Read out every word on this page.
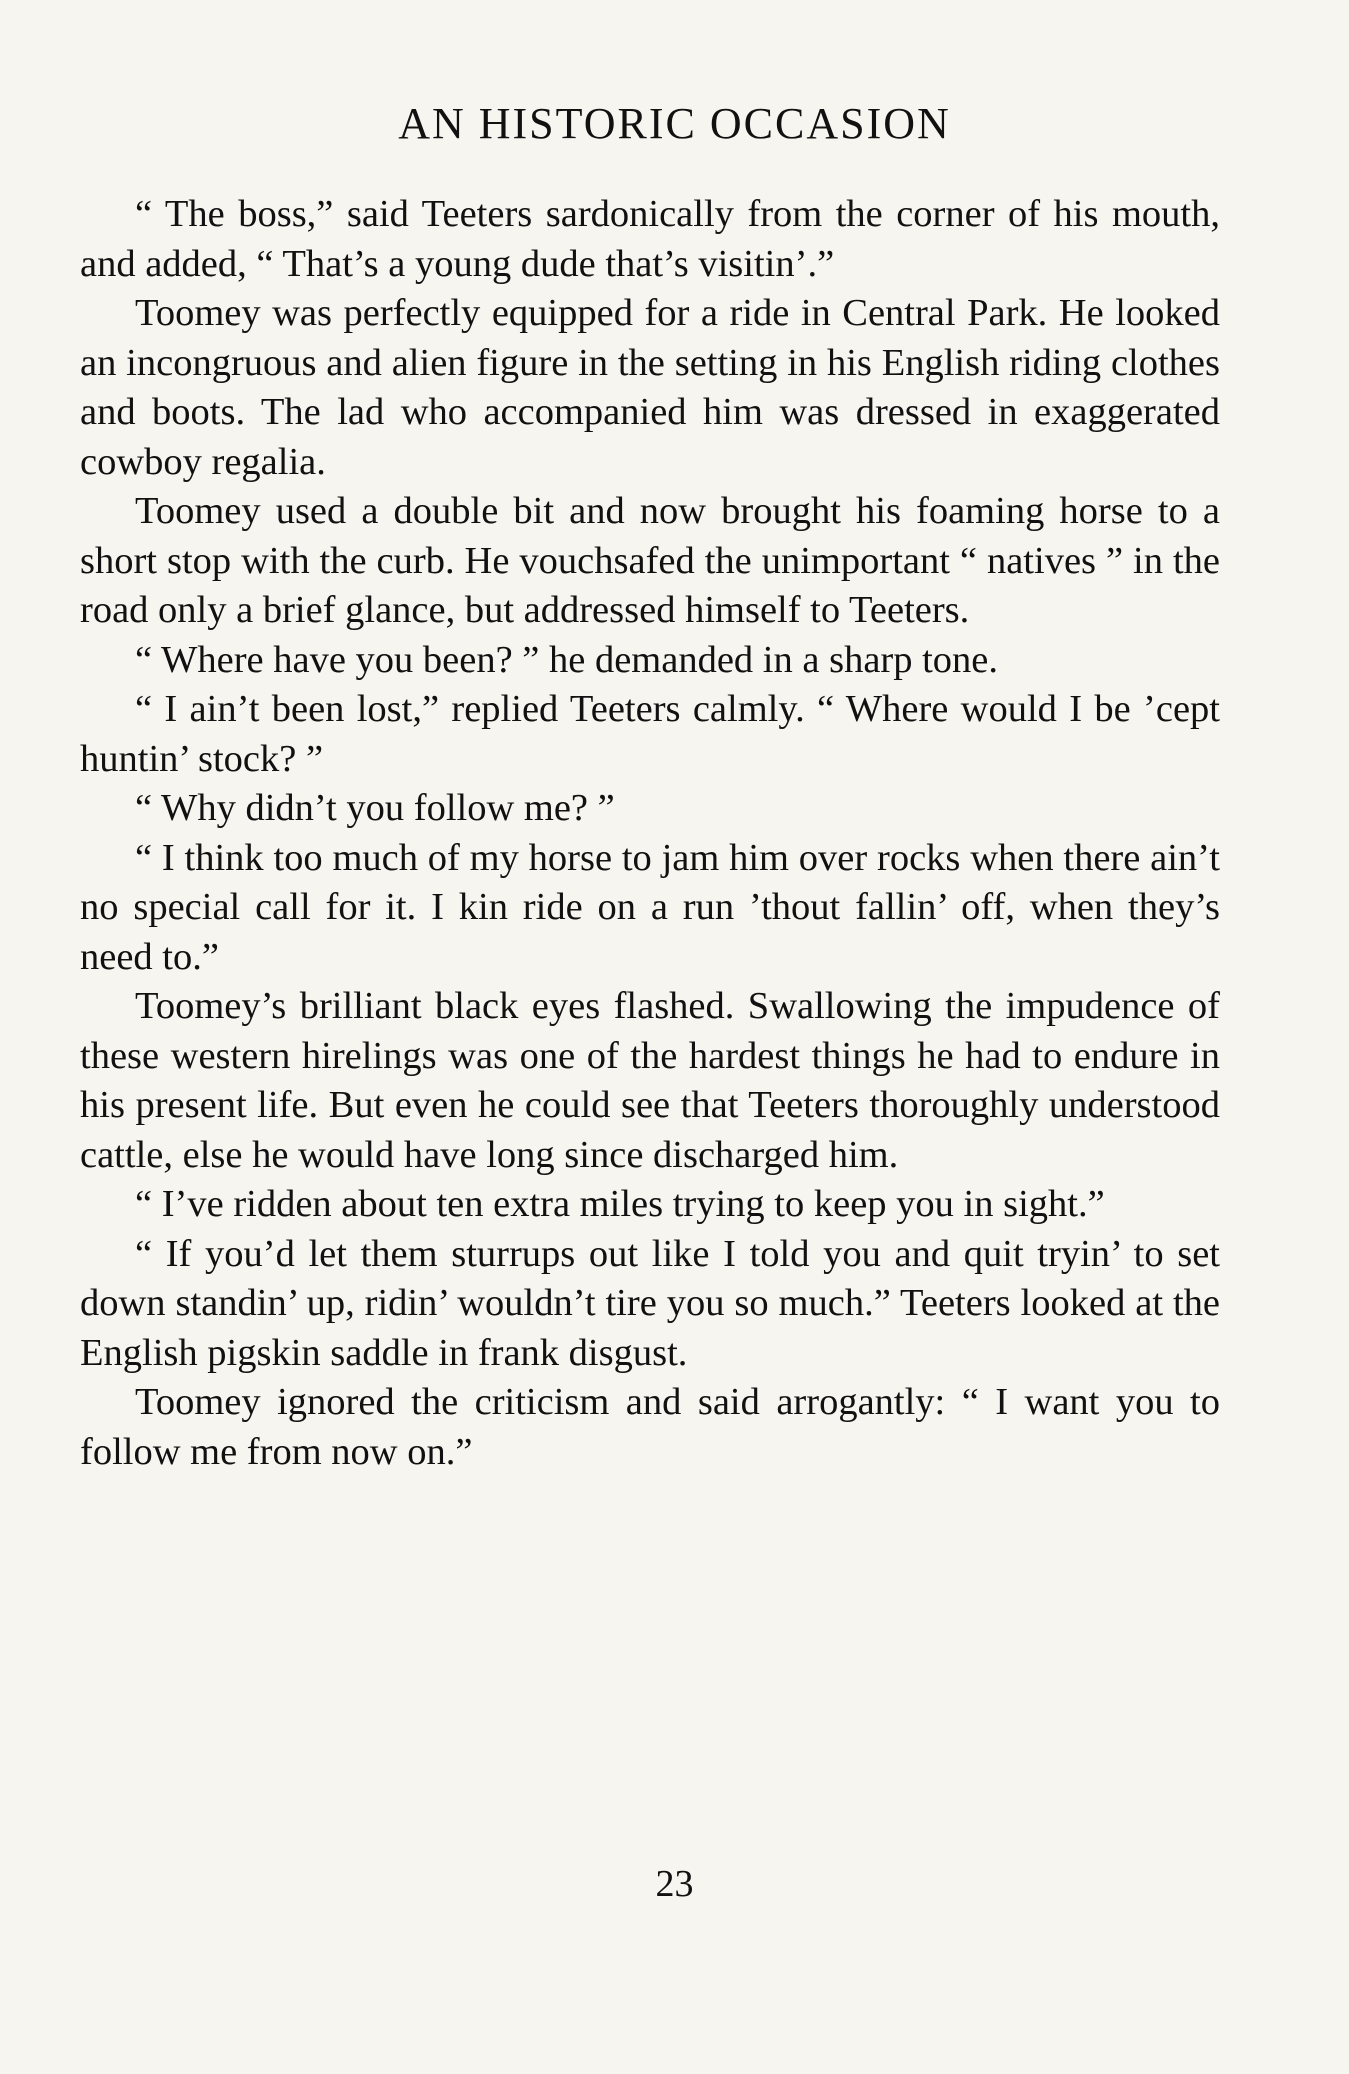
AN HISTORIC OCCASION

“ The boss,” said Teeters sardonically from the corner of his mouth, and added, “ That’s a young dude that’s visitin’.”

Toomey was perfectly equipped for a ride in Central Park. He looked an incongruous and alien figure in the setting in his English riding clothes and boots. The lad who accompanied him was dressed in exaggerated cowboy regalia.

Toomey used a double bit and now brought his foaming horse to a short stop with the curb. He vouchsafed the unimportant “ natives ” in the road only a brief glance, but addressed himself to Teeters.

“ Where have you been? ” he demanded in a sharp tone.

“ I ain’t been lost,” replied Teeters calmly. “ Where would I be ’cept huntin’ stock? ”

“ Why didn’t you follow me? ”

“ I think too much of my horse to jam him over rocks when there ain’t no special call for it. I kin ride on a run ’thout fallin’ off, when they’s need to.”

Toomey’s brilliant black eyes flashed. Swallowing the impudence of these western hirelings was one of the hardest things he had to endure in his present life. But even he could see that Teeters thoroughly understood cattle, else he would have long since discharged him.

“ I’ve ridden about ten extra miles trying to keep you in sight.”

“ If you’d let them sturrups out like I told you and quit tryin’ to set down standin’ up, ridin’ wouldn’t tire you so much.” Teeters looked at the English pigskin saddle in frank disgust.

Toomey ignored the criticism and said arrogantly: “ I want you to follow me from now on.”

23
